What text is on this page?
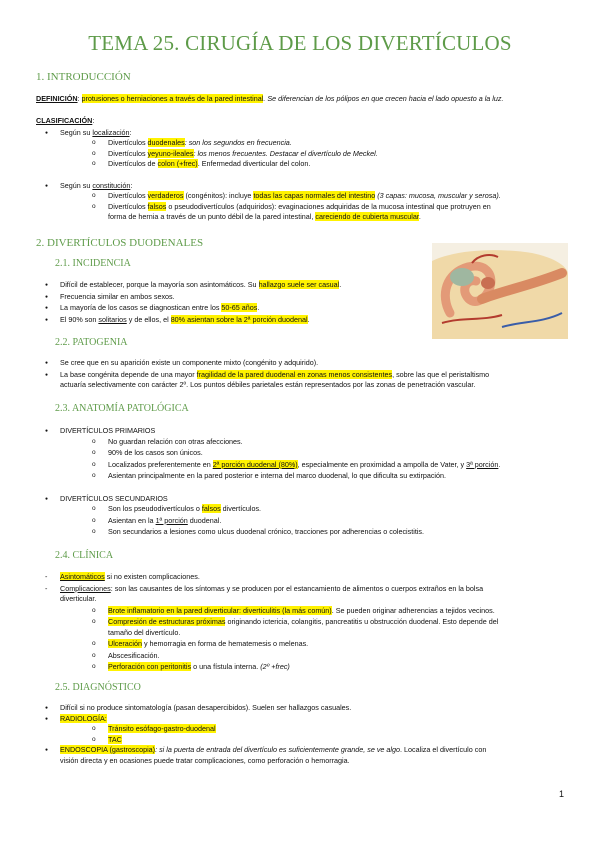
TEMA 25. CIRUGÍA DE LOS DIVERTÍCULOS
1. INTRODUCCIÓN
DEFINICIÓN: protusiones o herniaciones a través de la pared intestinal. Se diferencian de los pólipos en que crecen hacia el lado opuesto a la luz.
CLASIFICACIÓN:
● Según su localización:
o Divertículos duodenales: son los segundos en frecuencia.
o Divertículos yeyuno-ileales: los menos frecuentes. Destacar el divertículo de Meckel.
o Divertículos de colon (+frec). Enfermedad diverticular del colon.
● Según su constitución:
o Divertículos verdaderos (congénitos): incluye todas las capas normales del intestino (3 capas: mucosa, muscular y serosa).
o Divertículos falsos o pseudodivertículos (adquiridos): evaginaciones adquiridas de la mucosa intestinal que protruyen en
forma de hernia a través de un punto débil de la pared intestinal, careciendo de cubierta muscular.
2. DIVERTÍCULOS DUODENALES
2.1. INCIDENCIA
● Difícil de establecer, porque la mayoría son asintomáticos. Su hallazgo suele ser casual.
● Frecuencia similar en ambos sexos.
● La mayoría de los casos se diagnostican entre los 50-65 años.
● El 90% son solitarios y de ellos, el 80% asientan sobre la 2ª porción duodenal.
2.2. PATOGENIA
● Se cree que en su aparición existe un componente mixto (congénito y adquirido).
● La base congénita depende de una mayor fragilidad de la pared duodenal en zonas menos consistentes, sobre las que el peristaltismo
actuaría selectivamente con carácter 2º. Los puntos débiles parietales están representados por las zonas de penetración vascular.
2.3. ANATOMÍA PATOLÓGICA
● DIVERTÍCULOS PRIMARIOS
o No guardan relación con otras afecciones.
o 90% de los casos son únicos.
o Localizados preferentemente en 2ª porción duodenal (80%), especialmente en proximidad a ampolla de Vater, y 3ª porción.
o Asientan principalmente en la pared posterior e interna del marco duodenal, lo que dificulta su extirpación.
● DIVERTÍCULOS SECUNDARIOS
o Son los pseudodivertículos o falsos divertículos.
o Asientan en la 1ª porción duodenal.
o Son secundarios a lesiones como ulcus duodenal crónico, tracciones por adherencias o colecistitis.
2.4. CLÍNICA
- Asintomáticos si no existen complicaciones.
- Complicaciones: son las causantes de los síntomas y se producen por el estancamiento de alimentos o cuerpos extraños en la bolsa
diverticular.
o Brote inflamatorio en la pared diverticular: diverticulitis (la más común). Se pueden originar adherencias a tejidos vecinos.
o Compresión de estructuras próximas originando ictericia, colangitis, pancreatitis u obstrucción duodenal. Esto depende del
tamaño del divertículo.
o Ulceración y hemorragia en forma de hematemesis o melenas.
o Abscesificación.
o Perforación con peritonitis o una fístula interna. (2º +frec)
2.5. DIAGNÓSTICO
● Difícil si no produce sintomatología (pasan desapercibidos). Suelen ser hallazgos casuales.
● RADIOLOGÍA:
o Tránsito esófago-gastro-duodenal
o TAC
● ENDOSCOPIA (gastroscopia): si la puerta de entrada del divertículo es suficientemente grande, se ve algo. Localiza el divertículo con
visión directa y en ocasiones puede tratar complicaciones, como perforación o hemorragia.
1
